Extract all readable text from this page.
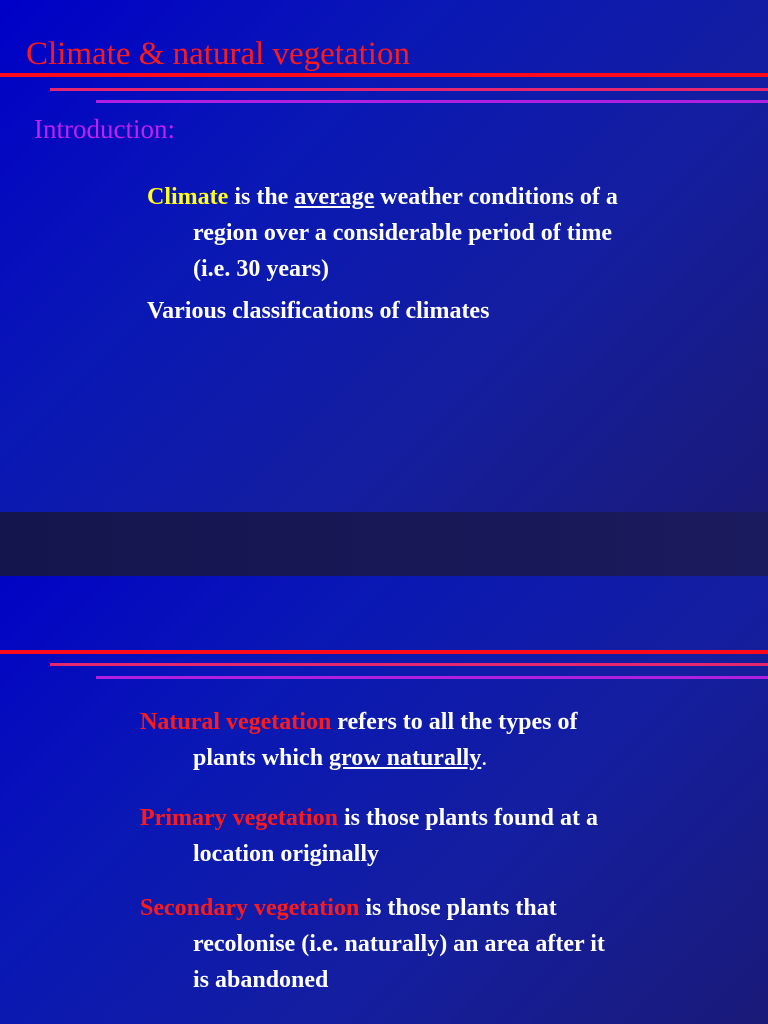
Climate & natural vegetation
Introduction:
Climate is the average weather conditions of a
region over a considerable period of time
(i.e. 30 years)
Various classifications of climates
Natural vegetation refers to all the types of
plants which grow naturally.
Primary vegetation is those plants found at a
location originally
Secondary vegetation is those plants that
recolonise (i.e. naturally) an area after it
is abandoned
